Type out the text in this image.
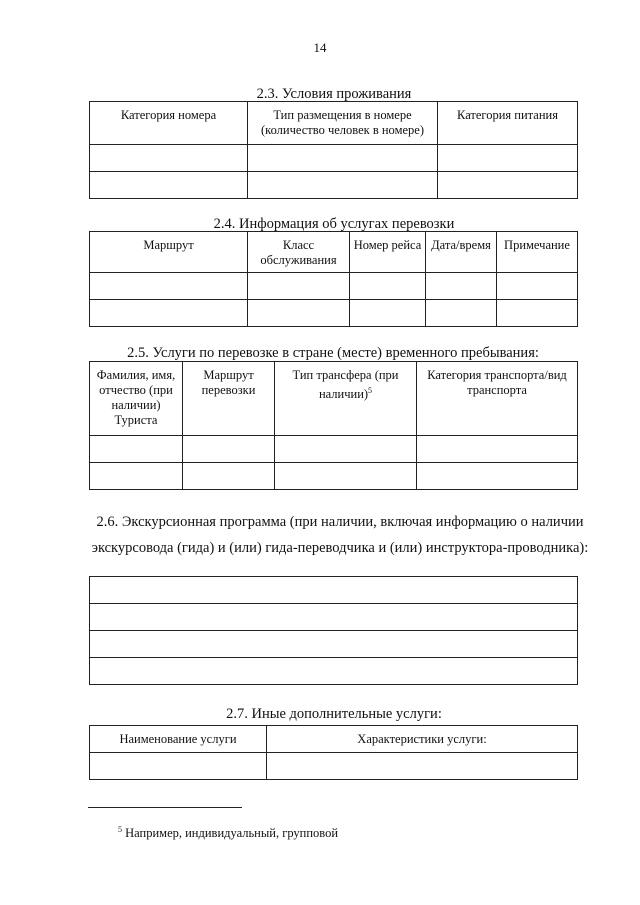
14
2.3. Условия проживания
Категория номера	Тип размещения в номере (количество человек в номере)	Категория питания

2.4. Информация об услугах перевозки
Маршрут	Класс обслуживания	Номер рейса	Дата/время	Примечание

2.5. Услуги по перевозке в стране (месте) временного пребывания:
Фамилия, имя, отчество (при наличии) Туриста	Маршрут перевозки	Тип трансфера (при наличии)$^5$	Категория транспорта/вид транспорта

2.6. Экскурсионная программа (при наличии, включая информацию о наличии экскурсовода (гида) и (или) гида-переводчика и (или) инструктора-проводника):

2.7. Иные дополнительные услуги:
Наименование услуги	Характеристики услуги:

$^5$ Например, индивидуальный, групповой
